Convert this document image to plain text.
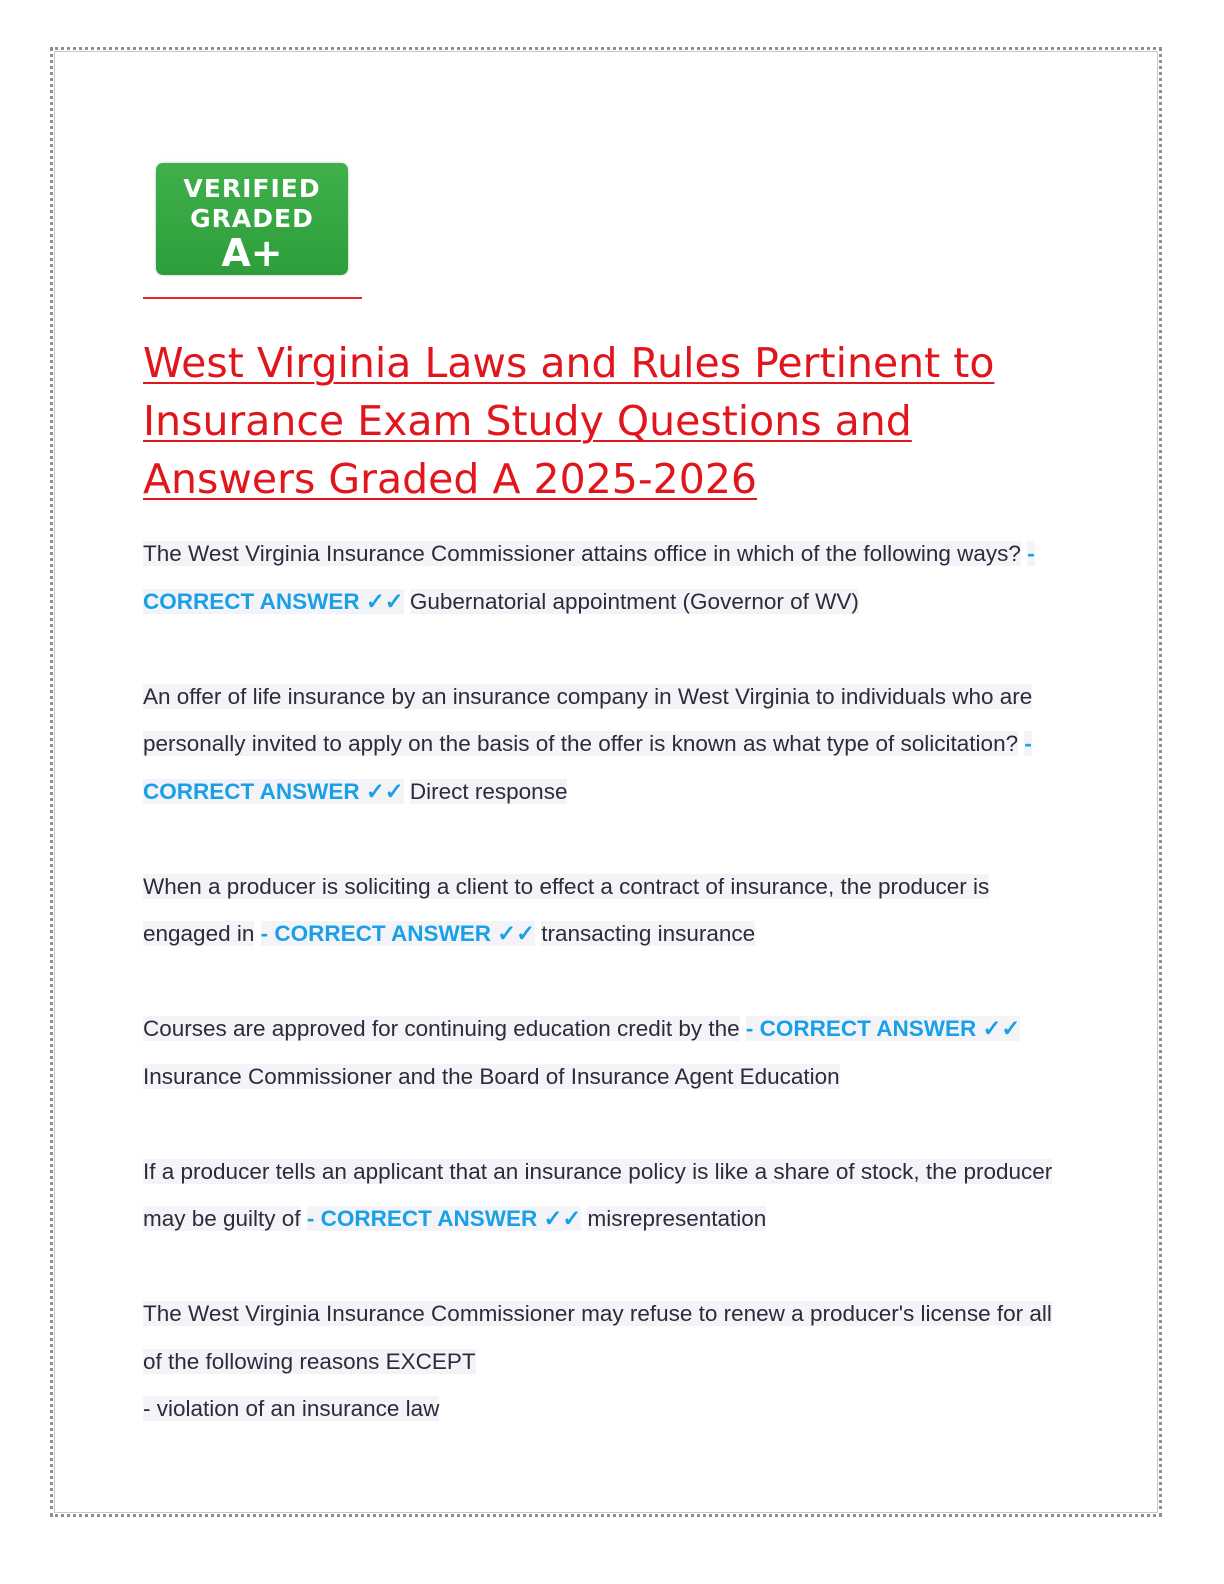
VERIFIED
GRADED
A+
West Virginia Laws and Rules Pertinent to Insurance Exam Study Questions and Answers Graded A 2025-2026

The West Virginia Insurance Commissioner attains office in which of the following ways? - CORRECT ANSWER ✓✓ Gubernatorial appointment (Governor of WV)

An offer of life insurance by an insurance company in West Virginia to individuals who are personally invited to apply on the basis of the offer is known as what type of solicitation? - CORRECT ANSWER ✓✓ Direct response

When a producer is soliciting a client to effect a contract of insurance, the producer is engaged in - CORRECT ANSWER ✓✓ transacting insurance

Courses are approved for continuing education credit by the - CORRECT ANSWER ✓✓ Insurance Commissioner and the Board of Insurance Agent Education

If a producer tells an applicant that an insurance policy is like a share of stock, the producer may be guilty of - CORRECT ANSWER ✓✓ misrepresentation

The West Virginia Insurance Commissioner may refuse to renew a producer's license for all of the following reasons EXCEPT
- violation of an insurance law
